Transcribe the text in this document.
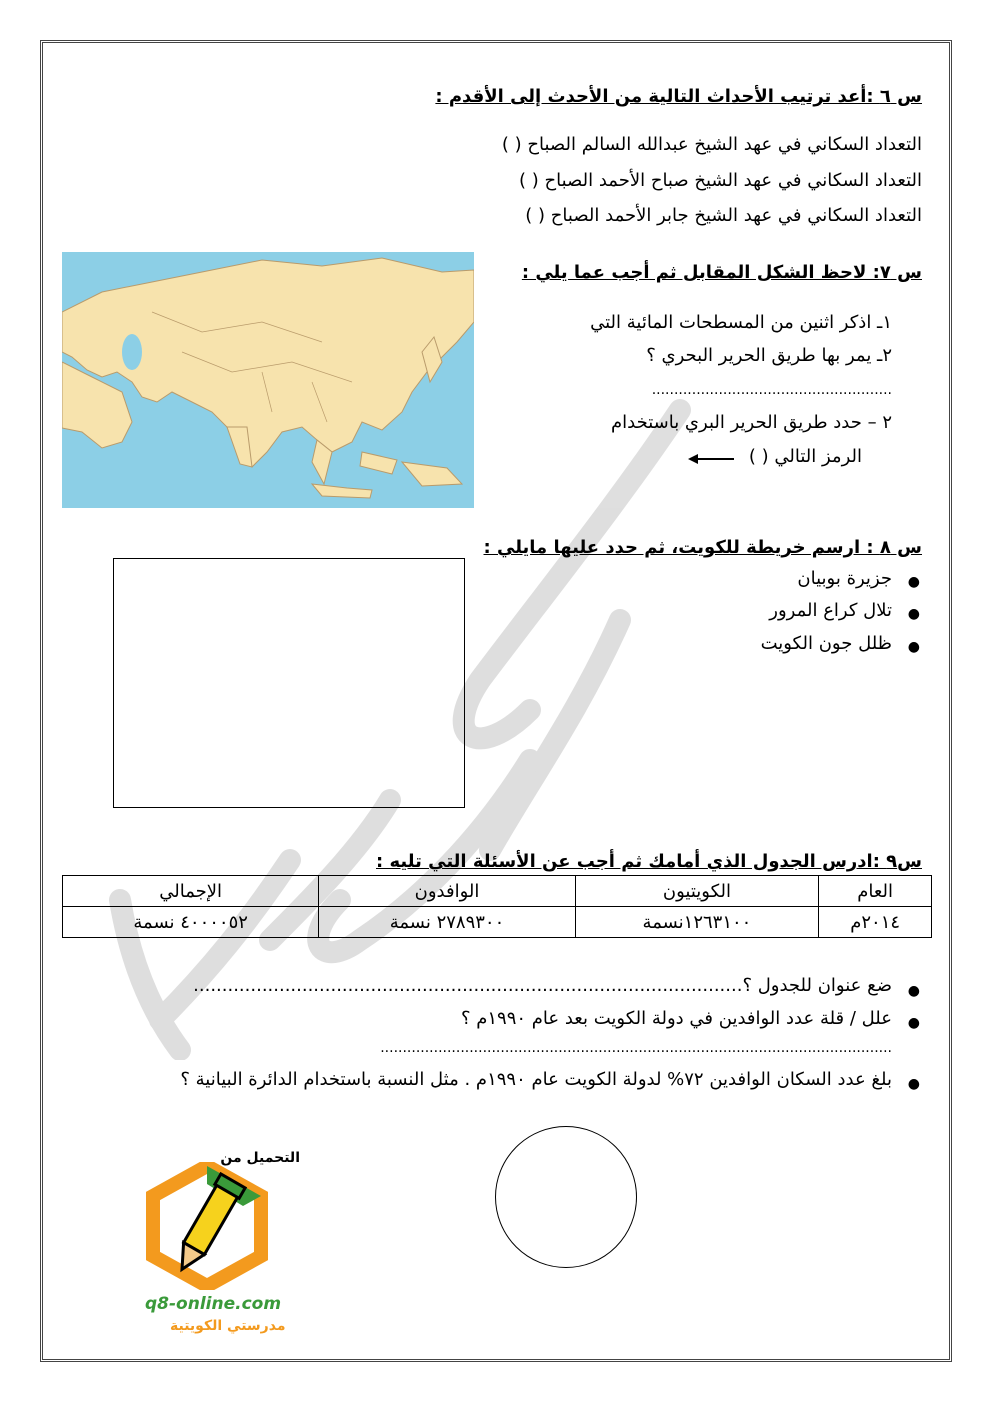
س ٦ :أعد ترتيب الأحداث التالية من الأحدث إلى الأقدم :
التعداد السكاني في عهد الشيخ عبدالله السالم الصباح ( )
التعداد السكاني في عهد الشيخ صباح الأحمد الصباح ( )
التعداد السكاني في عهد الشيخ جابر الأحمد الصباح ( )
س ٧: لاحظ الشكل المقابل ثم أجب عما يلي :
١ـ اذكر اثنين من المسطحات المائية التي
٢ـ يمر بها طريق الحرير البحري ؟
......................................................
٢ – حدد طريق الحرير البري باستخدام
الرمز التالي ( )
س ٨ : ارسم خريطة للكويت، ثم حدد عليها مايلي :
●
جزيرة بوبيان
●
تلال كراع المرور
●
ظلل جون الكويت
س٩ :ادرس الجدول الذي أمامك ثم أجب عن الأسئلة التي تليه :
العام	الكويتيون	الوافدون	الإجمالي
٢٠١٤م	١٢٦٣١٠٠نسمة	٢٧٨٩٣٠٠ نسمة	٤٠٠٠٠٥٢ نسمة
●
ضع عنوان للجدول ؟................................................................................................
●
علل / قلة عدد الوافدين في دولة الكويت بعد عام ١٩٩٠م ؟
...................................................................................................................
●
بلغ عدد السكان الوافدين ٧٢% لدولة الكويت عام ١٩٩٠م . مثل النسبة باستخدام الدائرة البيانية ؟
التحميل من
q8-online.com
مدرستي الكويتية
